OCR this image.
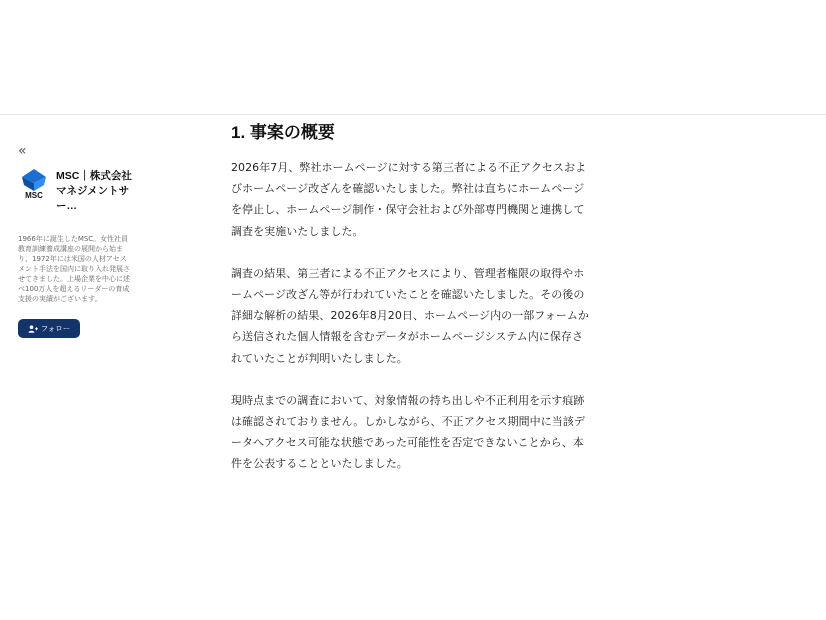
«
MSC
MSC｜株式会社マネジメントサー…
1966年に誕生したMSC。女性社員教育訓練養成講座の展開から始まり、1972年には米国の人材アセスメント手法を国内に取り入れ発展させてきました。上場企業を中心に述べ100万人を超えるリーダーの育成支援の実績がございます。
フォロー
1. 事案の概要

2026年7月、弊社ホームページに対する第三者による不正アクセスおよびホームページ改ざんを確認いたしました。弊社は直ちにホームページを停止し、ホームページ制作・保守会社および外部専門機関と連携して調査を実施いたしました。

調査の結果、第三者による不正アクセスにより、管理者権限の取得やホームページ改ざん等が行われていたことを確認いたしました。その後の詳細な解析の結果、2026年8月20日、ホームページ内の一部フォームから送信された個人情報を含むデータがホームページシステム内に保存されていたことが判明いたしました。

現時点までの調査において、対象情報の持ち出しや不正利用を示す痕跡は確認されておりません。しかしながら、不正アクセス期間中に当該データへアクセス可能な状態であった可能性を否定できないことから、本件を公表することといたしました。
